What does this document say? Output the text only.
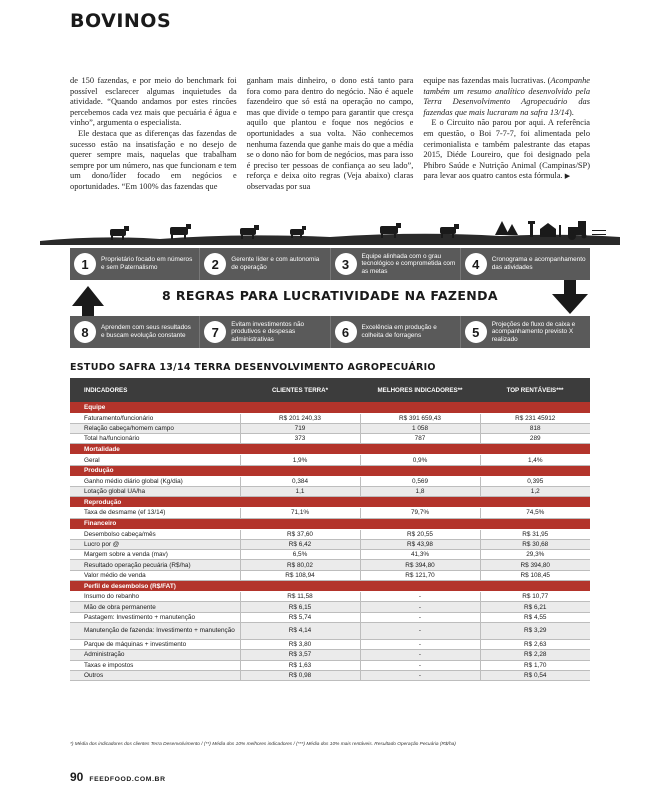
BOVINOS

de 150 fazendas, e por meio do benchmark foi possível esclarecer algumas inquietudes da atividade. “Quando andamos por estes rincões percebemos cada vez mais que pecuária é água e vinho”, argumenta o especialista.

Ele destaca que as diferenças das fazendas de sucesso estão na insatisfação e no desejo de querer sempre mais, naquelas que trabalham sempre por um número, nas que funcionam e tem um dono/líder focado em negócios e oportunidades. “Em 100% das fazendas que

ganham mais dinheiro, o dono está tanto para fora como para dentro do negócio. Não é aquele fazendeiro que só está na operação no campo, mas que divide o tempo para garantir que cresça aquilo que plantou e foque nos negócios e oportunidades a sua volta. Não conhecemos nenhuma fazenda que ganhe mais do que a média se o dono não for bom de negócios, mas para isso é preciso ter pessoas de confiança ao seu lado”, reforça e deixa oito regras (Veja abaixo) claras observadas por sua

equipe nas fazendas mais lucrativas. (Acompanhe também um resumo analítico desenvolvido pela Terra Desenvolvimento Agropecuário das fazendas que mais lucraram na safra 13/14).

E o Circuito não parou por aqui. A referência em questão, o Boi 7-7-7, foi alimentada pelo cerimonialista e também palestrante das etapas 2015, Diéde Loureiro, que foi designado pela Phibro Saúde e Nutrição Animal (Campinas/SP) para levar aos quatro cantos esta fórmula. ▶

1	Proprietário focado em números e sem Paternalismo	2	Gerente líder e com autonomia de operação	3
Equipe alinhada com o grau tecnológico e comprometida com as metas	4	Cronograma e acompanhamento das atividades
8 REGRAS PARA LUCRATIVIDADE NA FAZENDA
8	Aprendem com seus resultados e buscam evolução constante	7
Evitam investimentos não produtivos e despesas administrativas	6	Excelência em produção e colheita de forragens	5
Projeções de fluxo de caixa e acompanhamento previsto X realizado
ESTUDO SAFRA 13/14 TERRA DESENVOLVIMENTO AGROPECUÁRIO
INDICADORES	CLIENTES TERRA*	MELHORES INDICADORES**	TOP RENTÁVEIS***
Equipe			
Faturamento/funcionário	R$ 201 240,33	R$ 391 659,43	R$ 231 45912
Relação cabeça/homem campo	719	1 058	818
Total ha/funcionário	373	787	289
Mortalidade			
Geral	1,9%	0,9%	1,4%
Produção			
Ganho médio diário global (Kg/dia)	0,384	0,569	0,395
Lotação global UA/ha	1,1	1,8	1,2
Reprodução			
Taxa de desmame (ef 13/14)	71,1%	79,7%	74,5%
Financeiro			
Desembolso cabeça/mês	R$ 37,60	R$ 20,55	R$ 31,95
Lucro por @	R$ 6,42	R$ 43,98	R$ 30,68
Margem sobre a venda (mav)	6,5%	41,3%	29,3%
Resultado operação pecuária (R$/ha)	R$ 80,02	R$ 394,80	R$ 394,80
Valor médio de venda	R$ 108,94	R$ 121,70	R$ 108,45
Perfil de desembolso (R$/FAT)			
Insumo do rebanho	R$ 11,58	-	R$ 10,77
Mão de obra permanente	R$ 6,15	-	R$ 6,21
Pastagem: Investimento + manutenção	R$ 5,74	-	R$ 4,55
Manutenção de fazenda: Investimento + manutenção	R$ 4,14	-	R$ 3,29
Parque de máquinas + investimento	R$ 3,80	-	R$ 2,63
Administração	R$ 3,57	-	R$ 2,28
Taxas e impostos	R$ 1,63	-	R$ 1,70
Outros	R$ 0,98	-	R$ 0,54
*) Média dos indicadores dos clientes Terra Desenvolvimento / (**) Média dos 10% melhores indicadores / (***) Média dos 10% mais rentáveis. Resultado Operação Pecuária (R$/ha)
90 FEEDFOOD.COM.BR
